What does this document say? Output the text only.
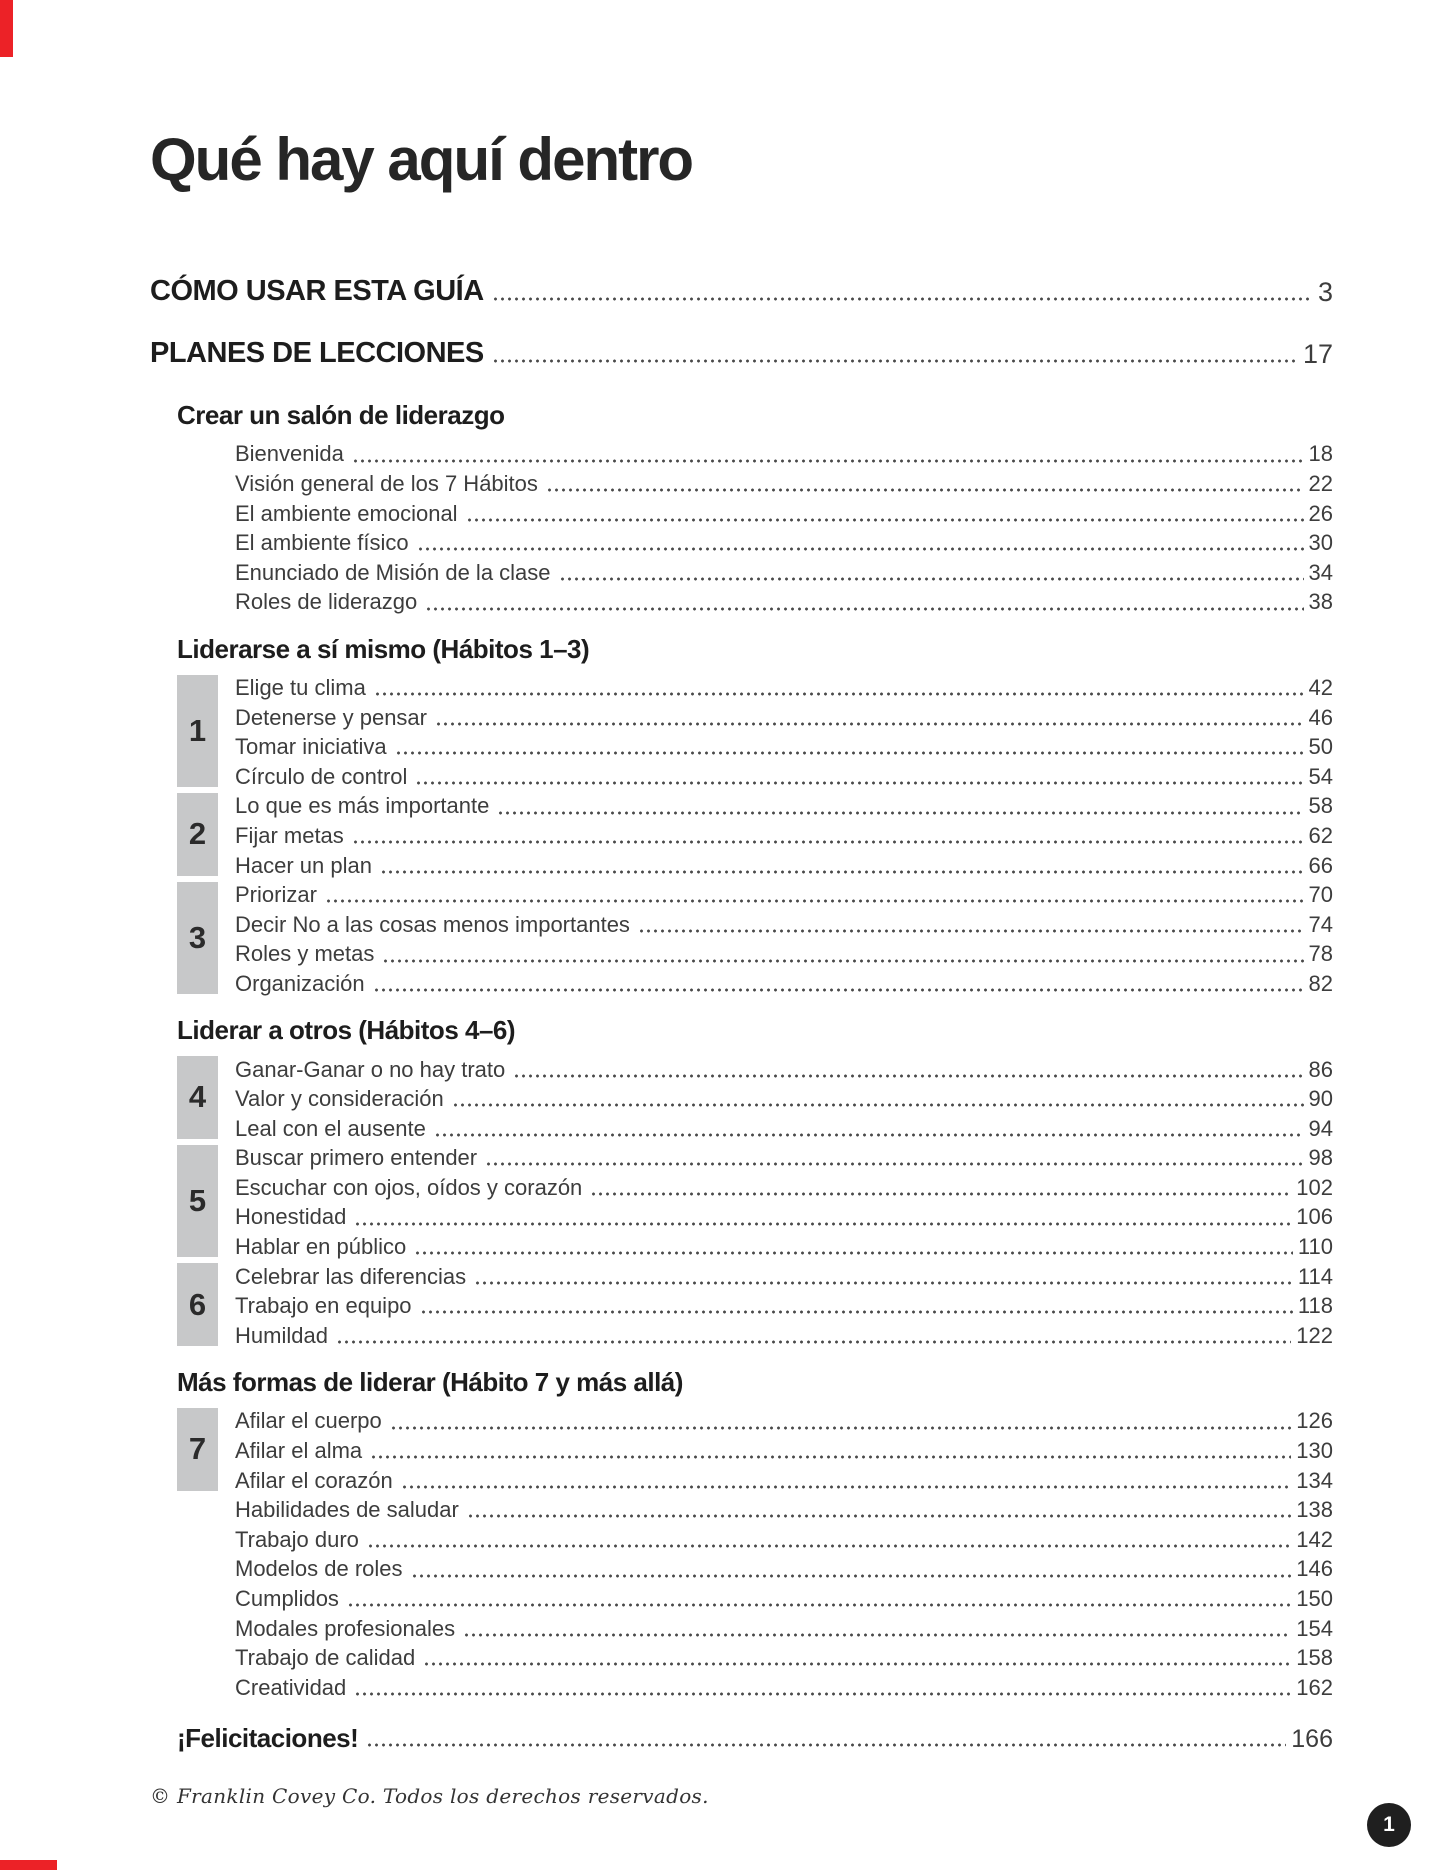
Qué hay aquí dentro
CÓMO USAR ESTA GUÍA	3
PLANES DE LECCIONES	17
Crear un salón de liderazgo
Bienvenida	18
Visión general de los 7 Hábitos	22
El ambiente emocional	26
El ambiente físico	30
Enunciado de Misión de la clase	34
Roles de liderazgo	38
Liderarse a sí mismo (Hábitos 1–3)
1
Elige tu clima	42
Detenerse y pensar	46
Tomar iniciativa	50
Círculo de control	54
2
Lo que es más importante	58
Fijar metas	62
Hacer un plan	66
3
Priorizar	70
Decir No a las cosas menos importantes	74
Roles y metas	78
Organización	82
Liderar a otros (Hábitos 4–6)
4
Ganar-Ganar o no hay trato	86
Valor y consideración	90
Leal con el ausente	94
5
Buscar primero entender	98
Escuchar con ojos, oídos y corazón	102
Honestidad	106
Hablar en público	110
6
Celebrar las diferencias	114
Trabajo en equipo	118
Humildad	122
Más formas de liderar (Hábito 7 y más allá)
7
Afilar el cuerpo	126
Afilar el alma	130
Afilar el corazón	134
Habilidades de saludar	138
Trabajo duro	142
Modelos de roles	146
Cumplidos	150
Modales profesionales	154
Trabajo de calidad	158
Creatividad	162
¡Felicitaciones!	166
© Franklin Covey Co. Todos los derechos reservados.
1
